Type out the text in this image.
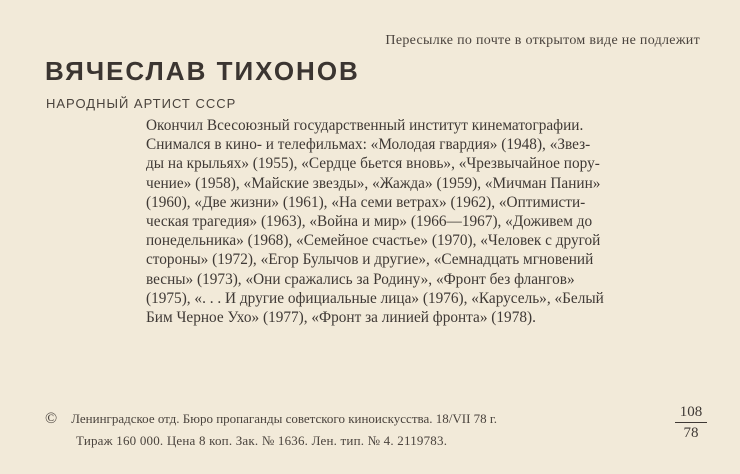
Пересылке по почте в открытом виде не подлежит
ВЯЧЕСЛАВ ТИХОНОВ
НАРОДНЫЙ АРТИСТ СССР

Окончил Всесоюзный государственный институт кинематографии.

Снимался в кино- и телефильмах: «Молодая гвардия» (1948), «Звез-

ды на крыльях» (1955), «Сердце бьется вновь», «Чрезвычайное пору-

чение» (1958), «Майские звезды», «Жажда» (1959), «Мичман Панин»

(1960), «Две жизни» (1961), «На семи ветрах» (1962), «Оптимисти-

ческая трагедия» (1963), «Война и мир» (1966—1967), «Доживем до

понедельника» (1968), «Семейное счастье» (1970), «Человек с другой

стороны» (1972), «Егор Булычов и другие», «Семнадцать мгновений

весны» (1973), «Они сражались за Родину», «Фронт без флангов»

(1975), «. . . И другие официальные лица» (1976), «Карусель», «Белый

Бим Черное Ухо» (1977), «Фронт за линией фронта» (1978).

© Ленинградское отд. Бюро пропаганды советского киноискусства. 18/VII 78 г.
Тираж 160 000. Цена 8 коп. Зак. № 1636. Лен. тип. № 4. 2119783.	$\frac{108}{78}$
